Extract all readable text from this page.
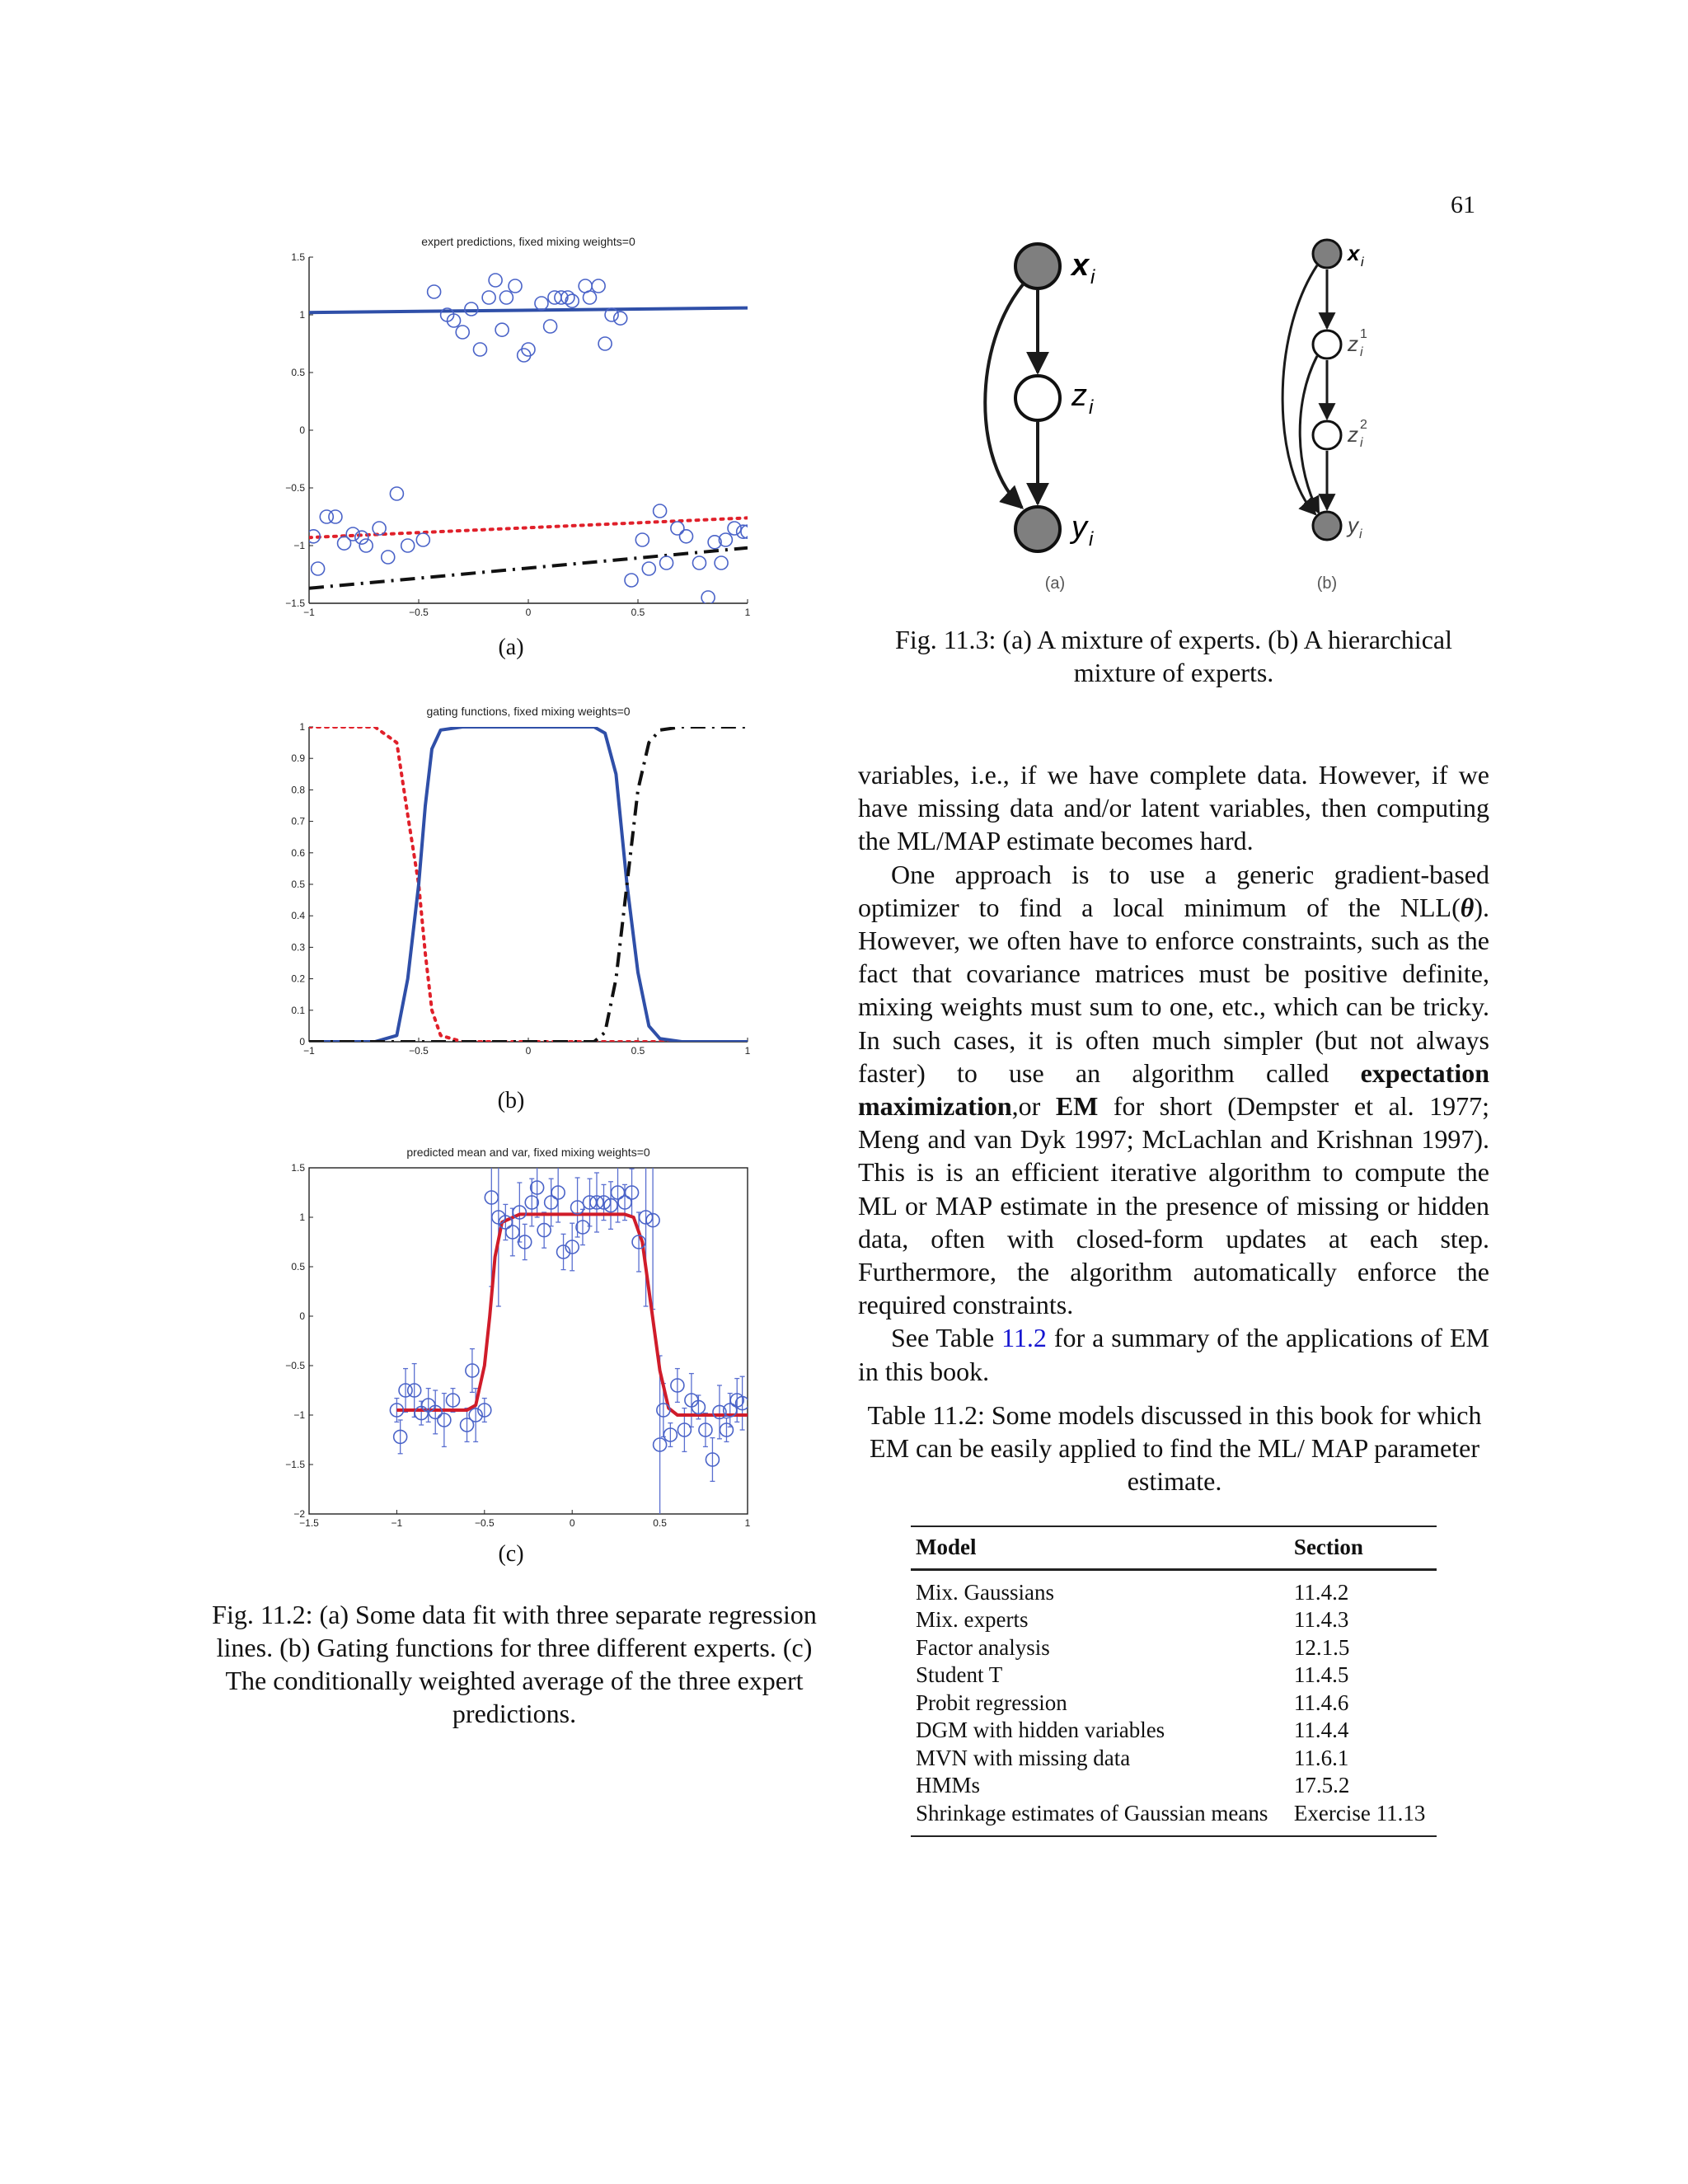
61
expert predictions, fixed mixing weights=0
−1	−0.5	0	0.5	1
−1.5
−1
−0.5
0
0.5
1
1.5
(a)
gating functions, fixed mixing weights=0
−1	−0.5	0	0.5	1
0
0.1
0.2
0.3
0.4
0.5
0.6
0.7
0.8
0.9
1
(b)
predicted mean and var, fixed mixing weights=0
−1.5	−1	−0.5	0	0.5	1
−2
−1.5
−1
−0.5
0
0.5
1
1.5
(c)
Fig. 11.2: (a) Some data fit with three separate regression lines. (b) Gating functions for three different experts. (c) The conditionally weighted average of the three expert predictions.
x i
z i
y i
x i
z 1
i
z 2
i
y i
(a)	(b)
Fig. 11.3: (a) A mixture of experts. (b) A hierarchical mixture of experts.

variables, i.e., if we have complete data. However, if we have missing data and/or latent variables, then computing the ML/MAP estimate becomes hard.

One approach is to use a generic gradient-based optimizer to find a local minimum of the NLL(θ). However, we often have to enforce constraints, such as the fact that covariance matrices must be positive definite, mixing weights must sum to one, etc., which can be tricky. In such cases, it is often much simpler (but not always faster) to use an algorithm called expectation maximization,or EM for short (Dempster et al. 1977; Meng and van Dyk 1997; McLachlan and Krishnan 1997). This is is an efficient iterative algorithm to compute the ML or MAP estimate in the presence of missing or hidden data, often with closed-form updates at each step. Furthermore, the algorithm automatically enforce the required constraints.

See Table 11.2 for a summary of the applications of EM in this book.

Table 11.2: Some models discussed in this book for which EM can be easily applied to find the ML/ MAP parameter estimate.
Model	Section
Mix. Gaussians	11.4.2
Mix. experts	11.4.3
Factor analysis	12.1.5
Student T	11.4.5
Probit regression	11.4.6
DGM with hidden variables	11.4.4
MVN with missing data	11.6.1
HMMs	17.5.2
Shrinkage estimates of Gaussian means	Exercise 11.13
